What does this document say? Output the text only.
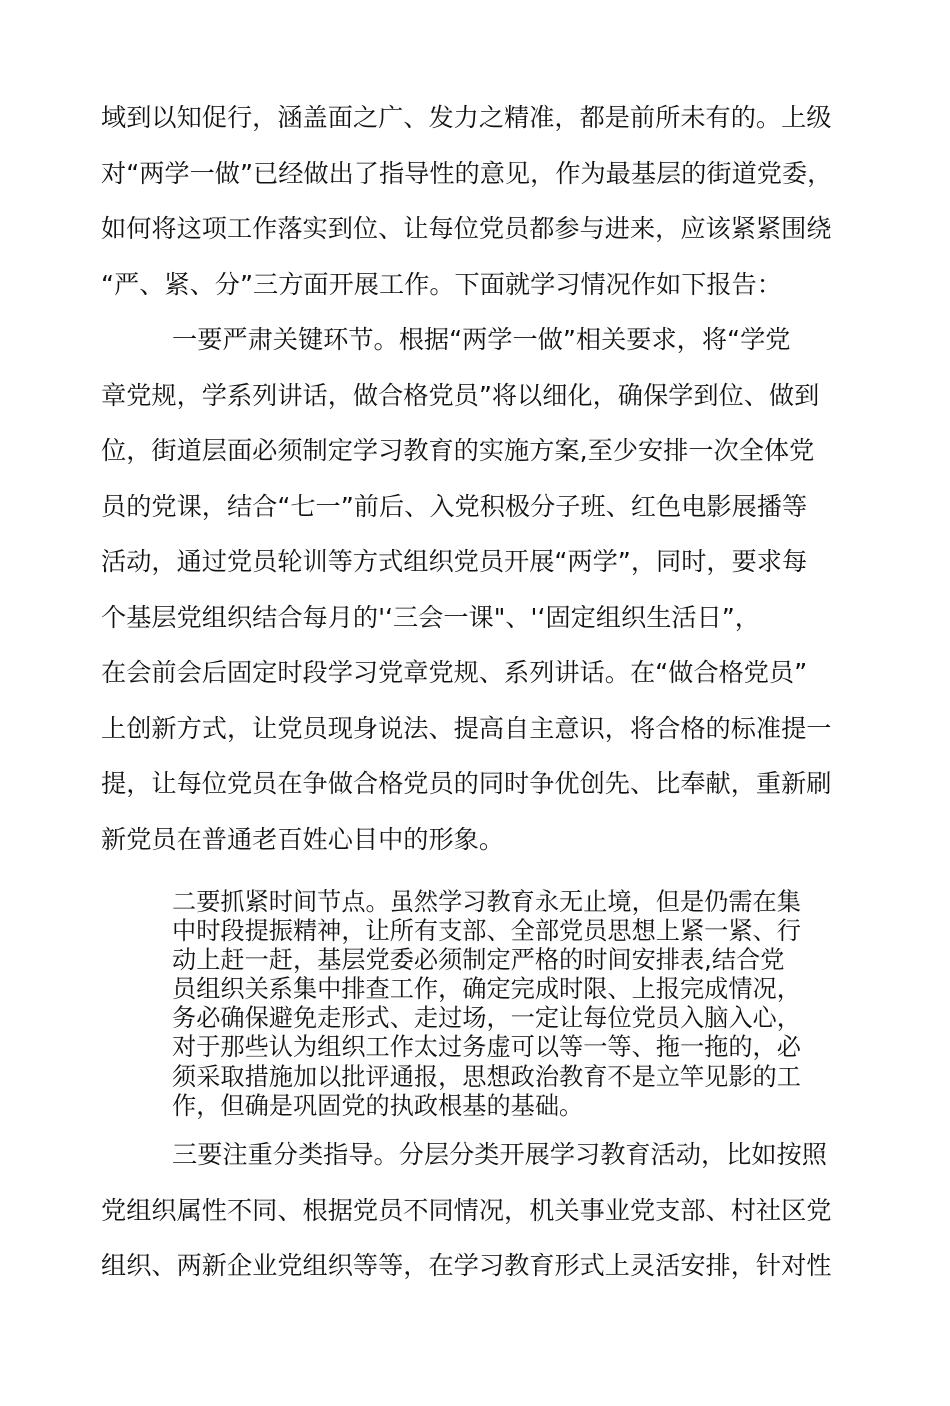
域到以知促行，涵盖面之广、发力之精准，都是前所未有的。上级
对“两学一做”已经做出了指导性的意见，作为最基层的街道党委，
如何将这项工作落实到位、让每位党员都参与进来，应该紧紧围绕
“严、紧、分”三方面开展工作。下面就学习情况作如下报告：
一要严肃关键环节。根据“两学一做”相关要求，将“学党
章党规，学系列讲话，做合格党员”将以细化，确保学到位、做到
位，街道层面必须制定学习教育的实施方案,至少安排一次全体党
员的党课，结合“七一”前后、入党积极分子班、红色电影展播等
活动，通过党员轮训等方式组织党员开展“两学”，同时，要求每
个基层党组织结合每月的'‘三会一课"、'‘固定组织生活日”，
在会前会后固定时段学习党章党规、系列讲话。在“做合格党员”
上创新方式，让党员现身说法、提高自主意识，将合格的标准提一
提，让每位党员在争做合格党员的同时争优创先、比奉献，重新刷
新党员在普通老百姓心目中的形象。
二要抓紧时间节点。虽然学习教育永无止境，但是仍需在集
中时段提振精神，让所有支部、全部党员思想上紧一紧、行
动上赶一赶，基层党委必须制定严格的时间安排表,结合党
员组织关系集中排查工作，确定完成时限、上报完成情况，
务必确保避免走形式、走过场，一定让每位党员入脑入心，
对于那些认为组织工作太过务虚可以等一等、拖一拖的，必
须采取措施加以批评通报，思想政治教育不是立竿见影的工
作，但确是巩固党的执政根基的基础。
三要注重分类指导。分层分类开展学习教育活动，比如按照
党组织属性不同、根据党员不同情况，机关事业党支部、村社区党
组织、两新企业党组织等等，在学习教育形式上灵活安排，针对性
